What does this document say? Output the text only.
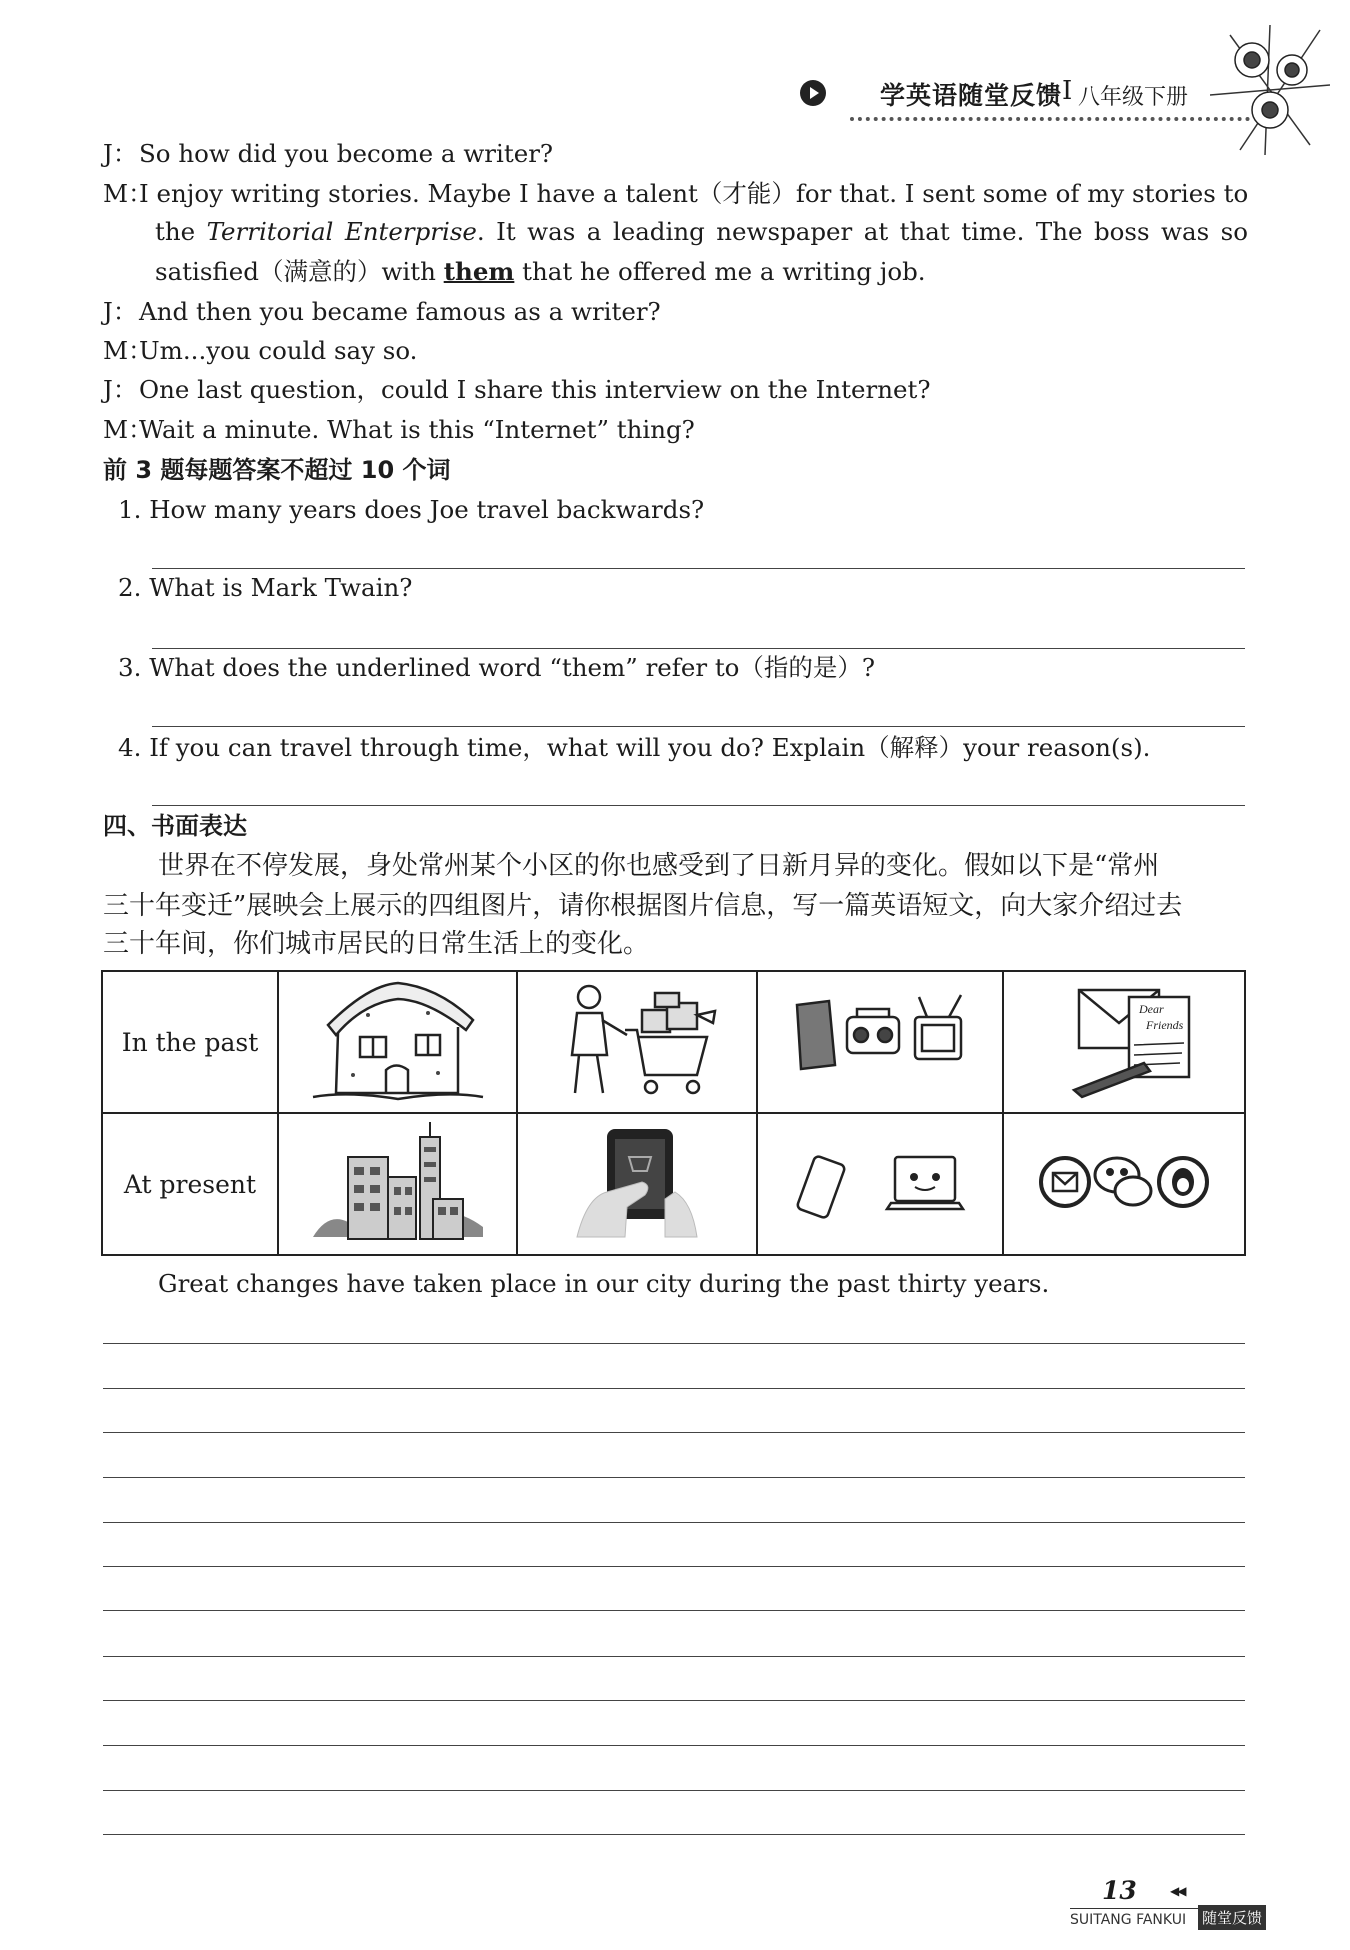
学英语随堂反馈 I 八年级下册
J：So how did you become a writer?
M：I enjoy writing stories. Maybe I have a talent（才能）for that. I sent some of my stories to
the Territorial Enterprise. It was a leading newspaper at that time. The boss was so
satisfied（满意的）with them that he offered me a writing job.
J：And then you became famous as a writer?
M：Um...you could say so.
J：One last question，could I share this interview on the Internet?
M：Wait a minute. What is this “Internet” thing?
前 3 题每题答案不超过 10 个词
1. How many years does Joe travel backwards?
2. What is Mark Twain?
3. What does the underlined word “them” refer to（指的是）?
4. If you can travel through time，what will you do? Explain（解释）your reason(s).
四、书面表达
世界在不停发展，身处常州某个小区的你也感受到了日新月异的变化。假如以下是“常州
三十年变迁”展映会上展示的四组图片，请你根据图片信息，写一篇英语短文，向大家介绍过去
三十年间，你们城市居民的日常生活上的变化。
In the past				Dear
Friends

At present				
Great changes have taken place in our city during the past thirty years.
13	◀◀
SUITANG FANKUI 随堂反馈
